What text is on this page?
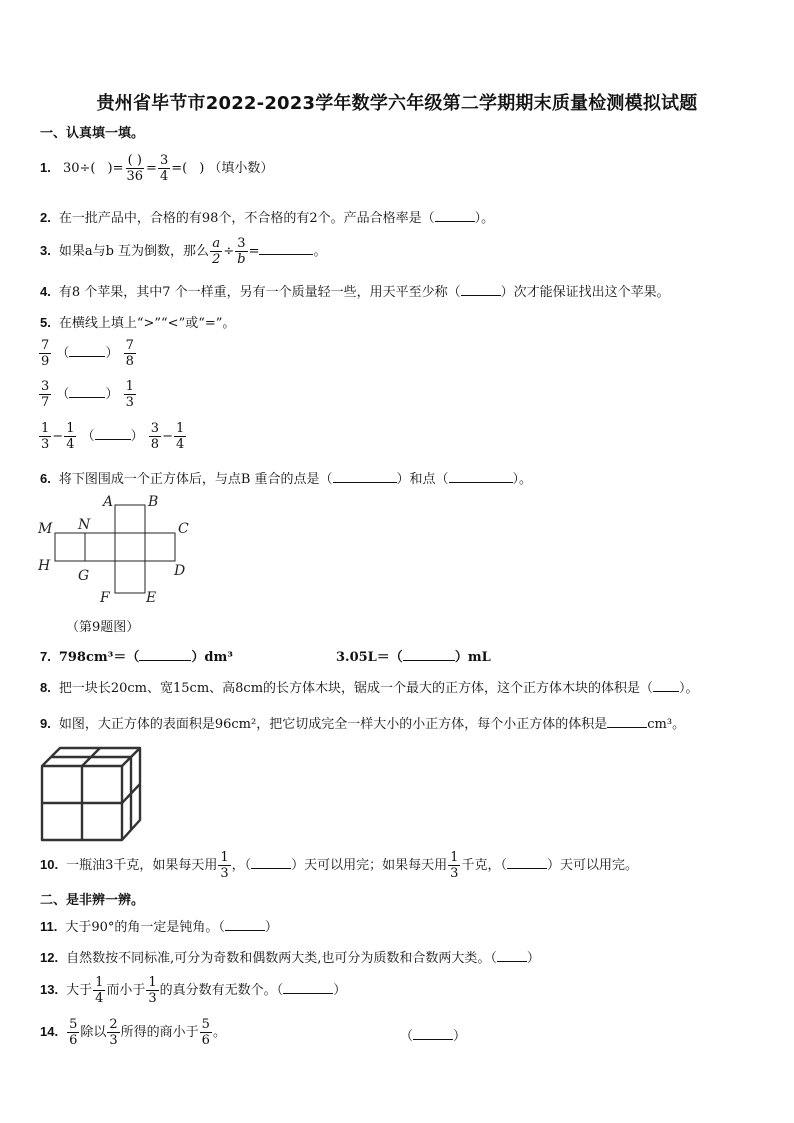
贵州省毕节市2022-2023学年数学六年级第二学期期末质量检测模拟试题
一、认真填一填。
1. 30÷( )= $\frac{( )}{36} = \frac{3}{4}$ =( ) （填小数）
2. 在一批产品中，合格的有98个，不合格的有2个。产品合格率是（	）。
3. 如果a与b 互为倒数，那么 $\frac{a}{2} \div \frac{3}{b}$ =	。
4. 有8 个苹果，其中7 个一样重，另有一个质量轻一些，用天平至少称（	）次才能保证找出这个苹果。
5. 在横线上填上“>”“<”或“=”。
$\frac{7}{9}$ （	） $\frac{7}{8}$
$\frac{3}{7}$ （	） $\frac{1}{3}$
$\frac{1}{3} - \frac{1}{4}$ （	） $\frac{3}{8} - \frac{1}{4}$
6. 将下图围成一个正方体后，与点B 重合的点是（	）和点（	）。
A B
C
D
E
F
G
H
M N
（第9题图）
7. 798cm³＝（	）dm³	3.05L＝（	）mL
8. 把一块长20cm、宽15cm、高8cm的长方体木块，锯成一个最大的正方体，这个正方体木块的体积是（ ）。
9. 如图，大正方体的表面积是96cm²，把它切成完全一样大小的小正方体，每个小正方体的体积是	cm³。
10. 一瓶油3千克，如果每天用 $\frac{1}{3}$ ，（	）天可以用完；如果每天用 $\frac{1}{3}$ 千克，（	）天可以用完。
二、是非辨一辨。
11. 大于90°的角一定是钝角。（	）
12. 自然数按不同标准,可分为奇数和偶数两大类,也可分为质数和合数两大类。（ ）
13. 大于 $\frac{1}{4}$ 而小于 $\frac{1}{3}$ 的真分数有无数个。（	）
14. $\frac{5}{6}$ 除以 $\frac{2}{3}$ 所得的商小于 $\frac{5}{6}$ 。	（	）
